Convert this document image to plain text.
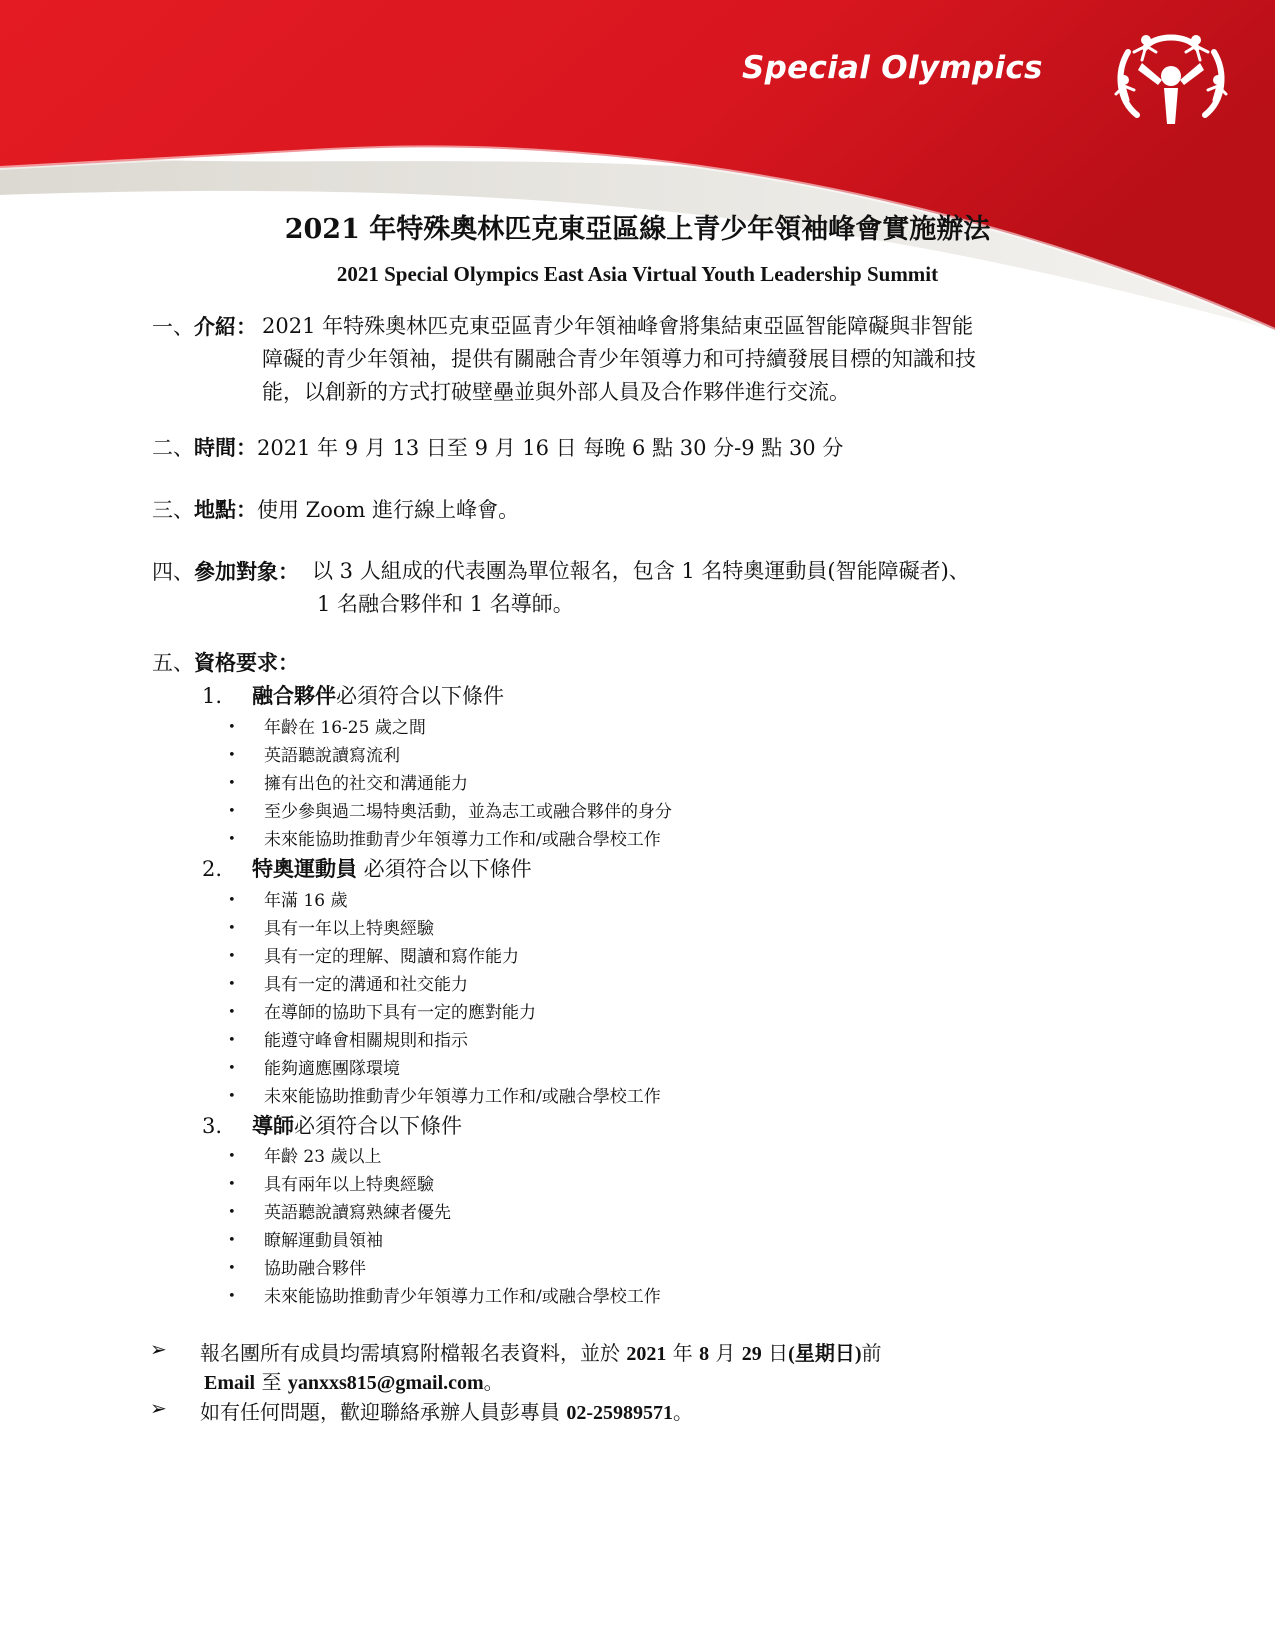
Special Olympics
2021 年特殊奧林匹克東亞區線上青少年領袖峰會實施辦法
2021 Special Olympics East Asia Virtual Youth Leadership Summit
一、介紹： 2021 年特殊奧林匹克東亞區青少年領袖峰會將集結東亞區智能障礙與非智能
障礙的青少年領袖，提供有關融合青少年領導力和可持續發展目標的知識和技
能，以創新的方式打破壁壘並與外部人員及合作夥伴進行交流。
二、時間：2021 年 9 月 13 日至 9 月 16 日 每晚 6 點 30 分-9 點 30 分
三、地點：使用 Zoom 進行線上峰會。
四、參加對象： 以 3 人組成的代表團為單位報名，包含 1 名特奧運動員(智能障礙者)、
1 名融合夥伴和 1 名導師。
五、資格要求：
1. 融合夥伴必須符合以下條件
• 年齡在 16-25 歲之間
• 英語聽說讀寫流利
• 擁有出色的社交和溝通能力
• 至少參與過二場特奧活動，並為志工或融合夥伴的身分
• 未來能協助推動青少年領導力工作和/或融合學校工作
2. 特奧運動員 必須符合以下條件
• 年滿 16 歲
• 具有一年以上特奧經驗
• 具有一定的理解、閱讀和寫作能力
• 具有一定的溝通和社交能力
• 在導師的協助下具有一定的應對能力
• 能遵守峰會相關規則和指示
• 能夠適應團隊環境
• 未來能協助推動青少年領導力工作和/或融合學校工作
3. 導師必須符合以下條件
• 年齡 23 歲以上
• 具有兩年以上特奧經驗
• 英語聽說讀寫熟練者優先
• 瞭解運動員領袖
• 協助融合夥伴
• 未來能協助推動青少年領導力工作和/或融合學校工作
➢ 報名團所有成員均需填寫附檔報名表資料，並於 2021 年 8 月 29 日(星期日)前
Email 至 yanxxs815@gmail.com。
➢ 如有任何問題，歡迎聯絡承辦人員彭專員 02-25989571。
